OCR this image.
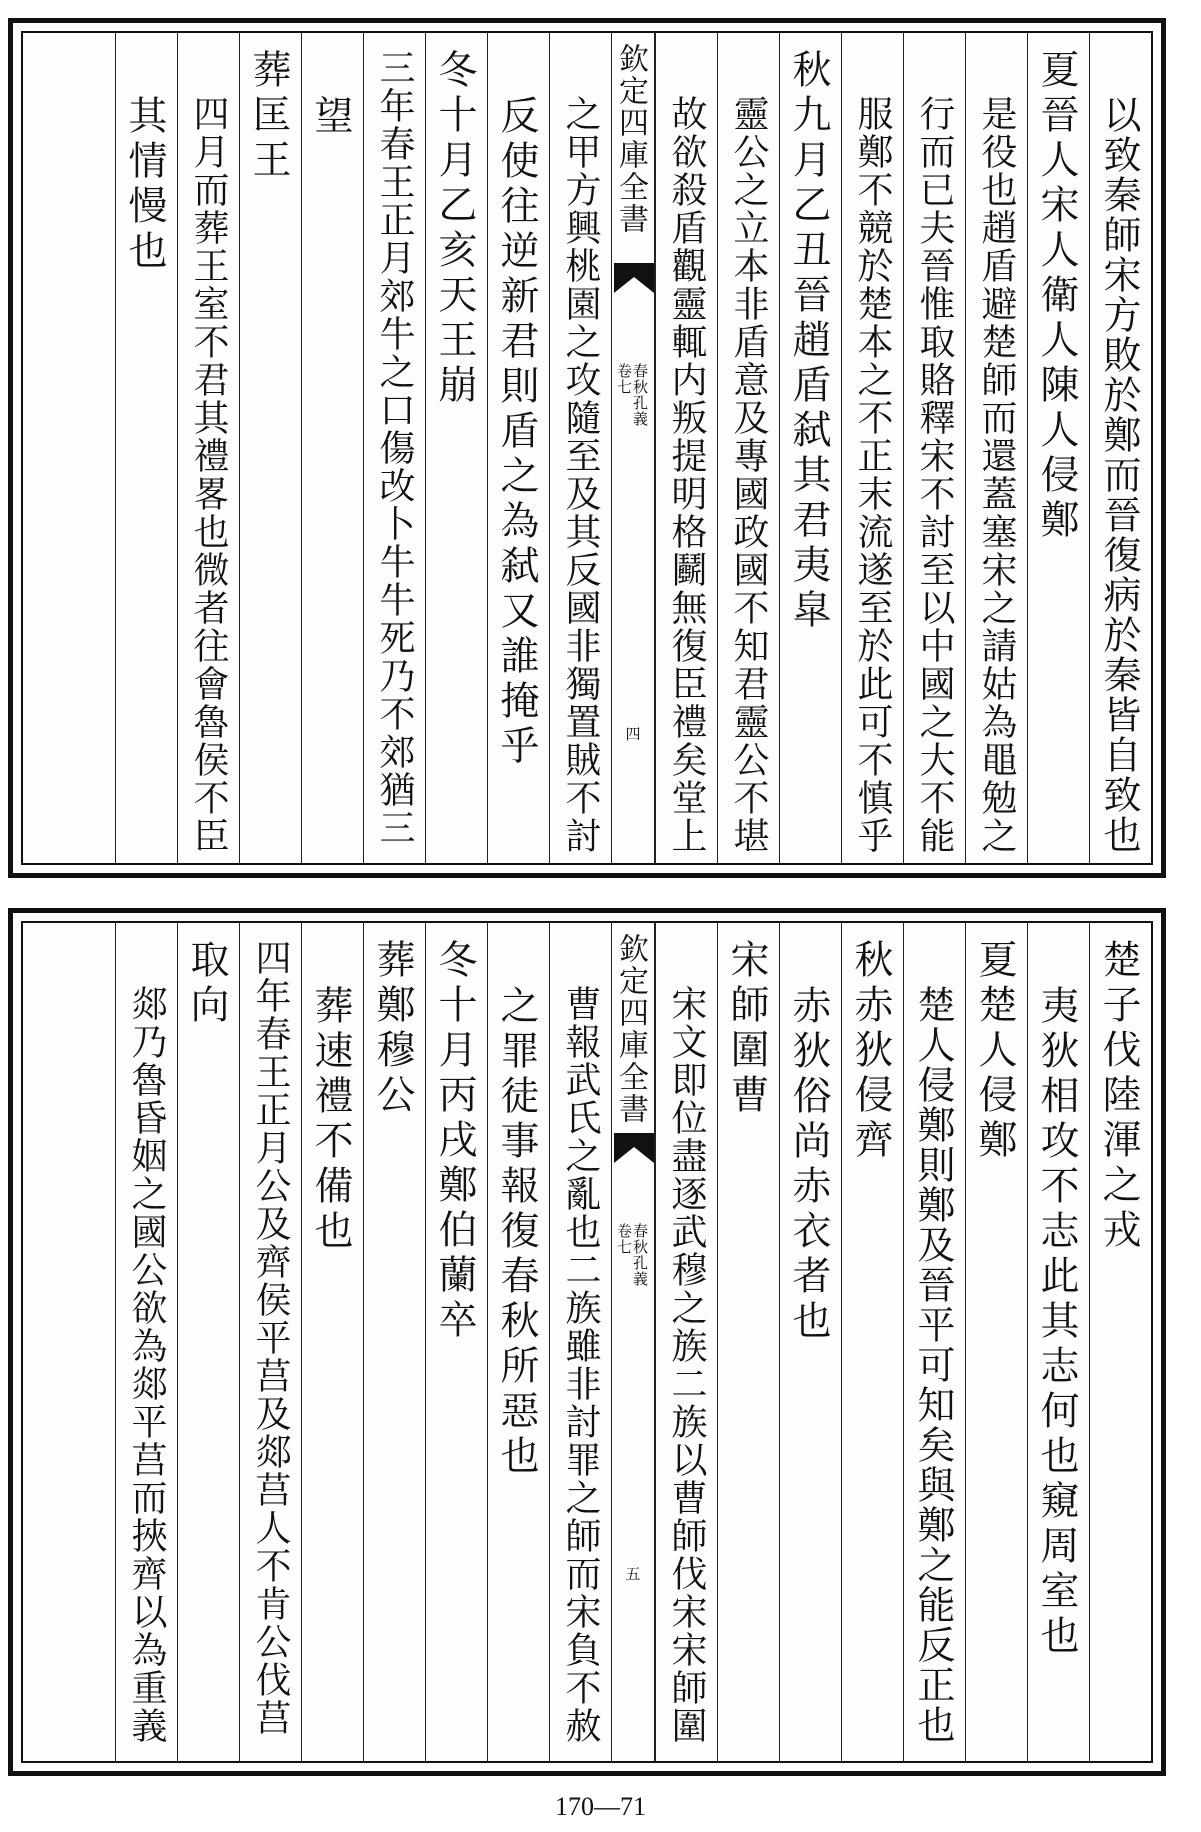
以致秦師宋方敗於鄭而晉復病於秦皆自致也
夏晉人宋人衛人陳人侵鄭
是役也趙盾避楚師而還蓋塞宋之請姑為黽勉之
行而已夫晉惟取賂釋宋不討至以中國之大不能
服鄭不競於楚本之不正末流遂至於此可不慎乎
秋九月乙丑晉趙盾弑其君夷皐
靈公之立本非盾意及專國政國不知君靈公不堪
故欲殺盾觀靈輒内叛提明格鬬無復臣禮矣堂上
欽定四庫全書
春秋孔義
卷七
四
之甲方興桃園之攻隨至及其反國非獨置賊不討
反使往逆新君則盾之為弑又誰掩乎
冬十月乙亥天王崩
三年春王正月郊牛之口傷改卜牛牛死乃不郊猶三
望
葬匡王
四月而葬王室不君其禮畧也微者往會魯侯不臣
其情慢也
楚子伐陸渾之戎
夷狄相攻不志此其志何也窺周室也
夏楚人侵鄭
楚人侵鄭則鄭及晉平可知矣與鄭之能反正也
秋赤狄侵齊
赤狄俗尚赤衣者也
宋師圍曹
宋文即位盡逐武穆之族二族以曹師伐宋宋師圍
欽定四庫全書
春秋孔義
卷七
五
曹報武氏之亂也二族雖非討罪之師而宋負不赦
之罪徒事報復春秋所惡也
冬十月丙戌鄭伯蘭卒
葬鄭穆公
葬速禮不備也
四年春王正月公及齊侯平莒及郯莒人不肯公伐莒
取向
郯乃魯昏姻之國公欲為郯平莒而挾齊以為重義
170—71
